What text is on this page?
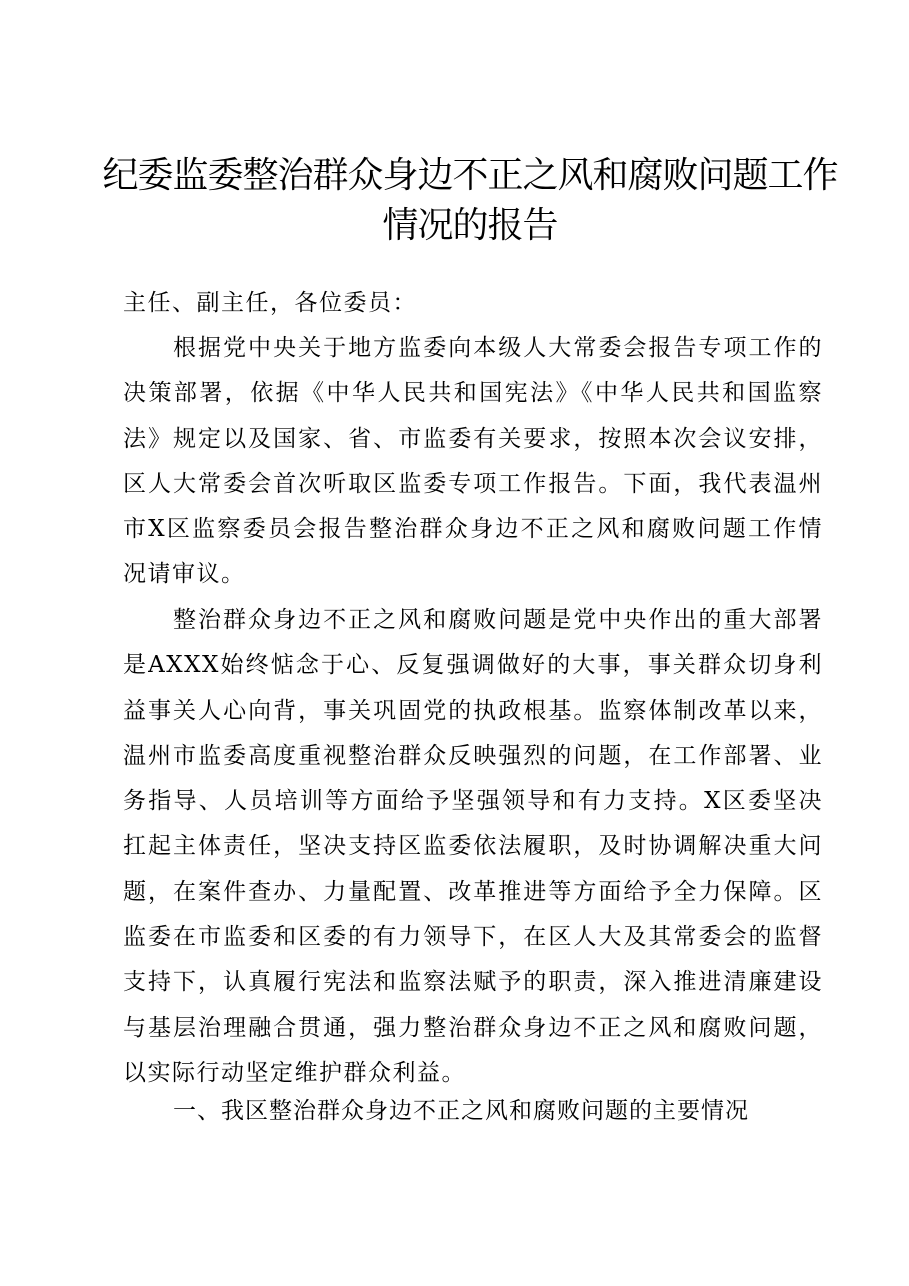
纪委监委整治群众身边不正之风和腐败问题工作情况的报告

主任、副主任，各位委员：

根据党中央关于地方监委向本级人大常委会报告专项工作的决策部署，依据《中华人民共和国宪法》《中华人民共和国监察法》规定以及国家、省、市监委有关要求，按照本次会议安排，区人大常委会首次听取区监委专项工作报告。下面，我代表温州市X区监察委员会报告整治群众身边不正之风和腐败问题工作情况请审议。

整治群众身边不正之风和腐败问题是党中央作出的重大部署是AXXX始终惦念于心、反复强调做好的大事，事关群众切身利益事关人心向背，事关巩固党的执政根基。监察体制改革以来，温州市监委高度重视整治群众反映强烈的问题，在工作部署、业务指导、人员培训等方面给予坚强领导和有力支持。X区委坚决扛起主体责任，坚决支持区监委依法履职，及时协调解决重大问题，在案件查办、力量配置、改革推进等方面给予全力保障。区监委在市监委和区委的有力领导下，在区人大及其常委会的监督支持下，认真履行宪法和监察法赋予的职责，深入推进清廉建设与基层治理融合贯通，强力整治群众身边不正之风和腐败问题，以实际行动坚定维护群众利益。

一、我区整治群众身边不正之风和腐败问题的主要情况
